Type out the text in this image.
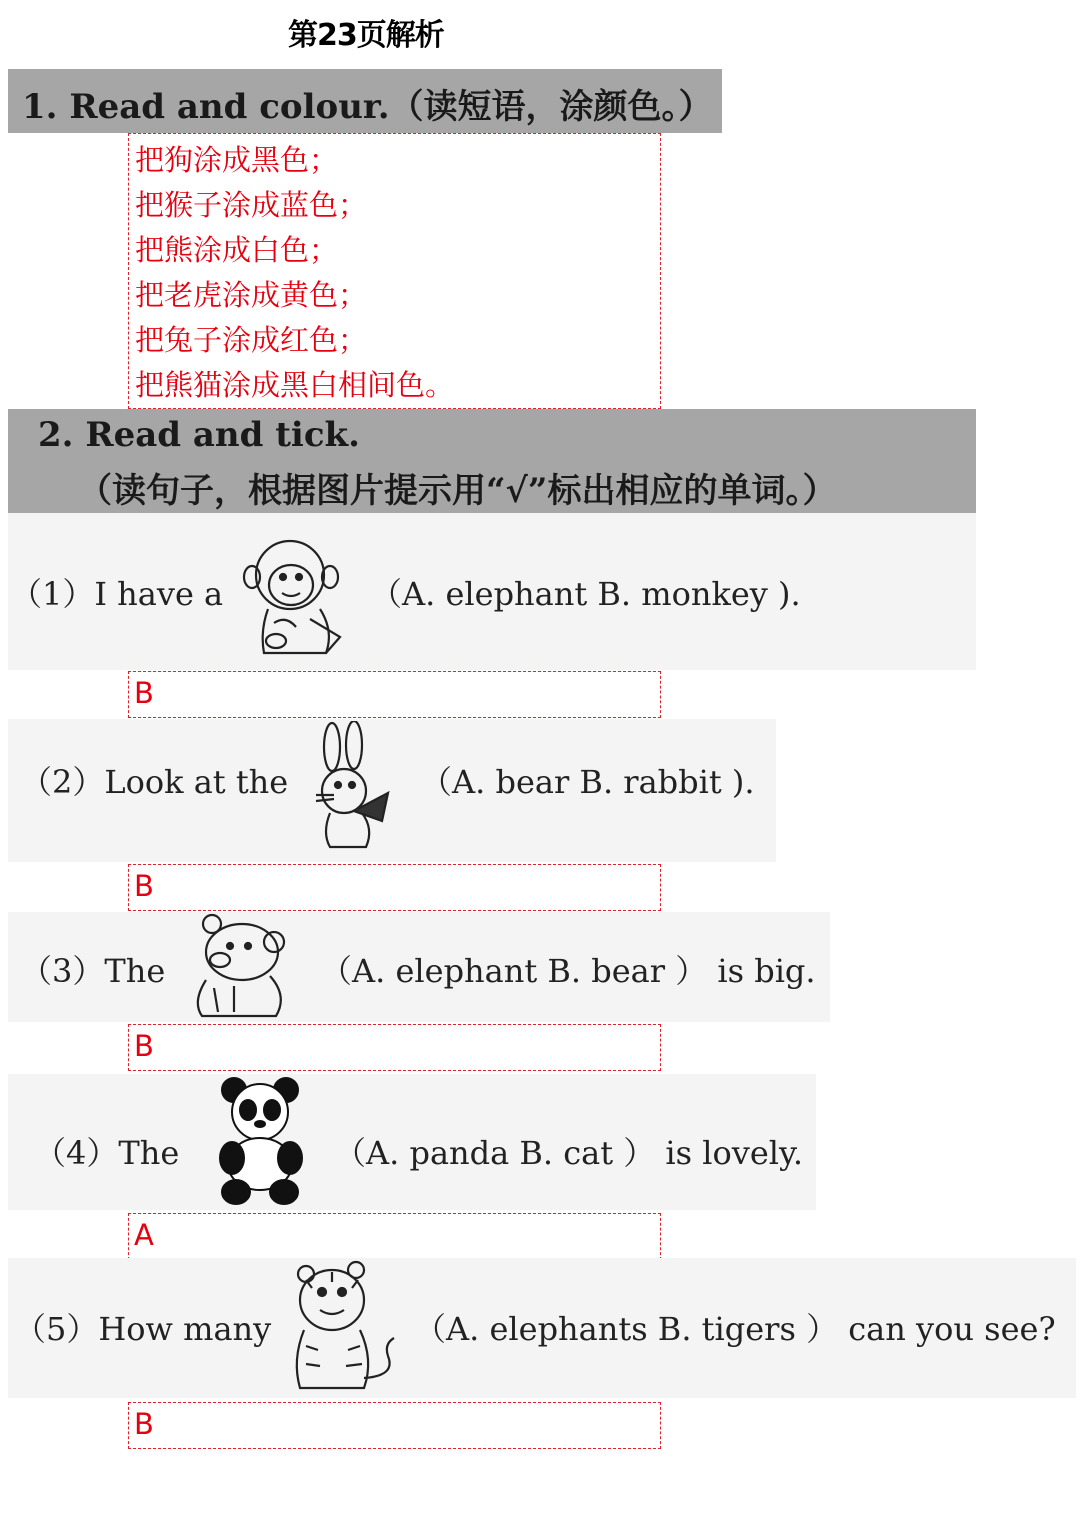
第23页解析
1. Read and colour.（读短语，涂颜色。）
把狗涂成黑色；
把猴子涂成蓝色；
把熊涂成白色；
把老虎涂成黄色；
把兔子涂成红色；
把熊猫涂成黑白相间色。
2. Read and tick.
（读句子，根据图片提示用“√”标出相应的单词。）
（1）I have a	（A. elephant B. monkey ).
B
（2）Look at the	（A. bear B. rabbit ).
B
（3）The	（A. elephant B. bear ） is big.
B
（4）The	（A. panda B. cat ） is lovely.
A
（5）How many	（A. elephants B. tigers ） can you see?
B
